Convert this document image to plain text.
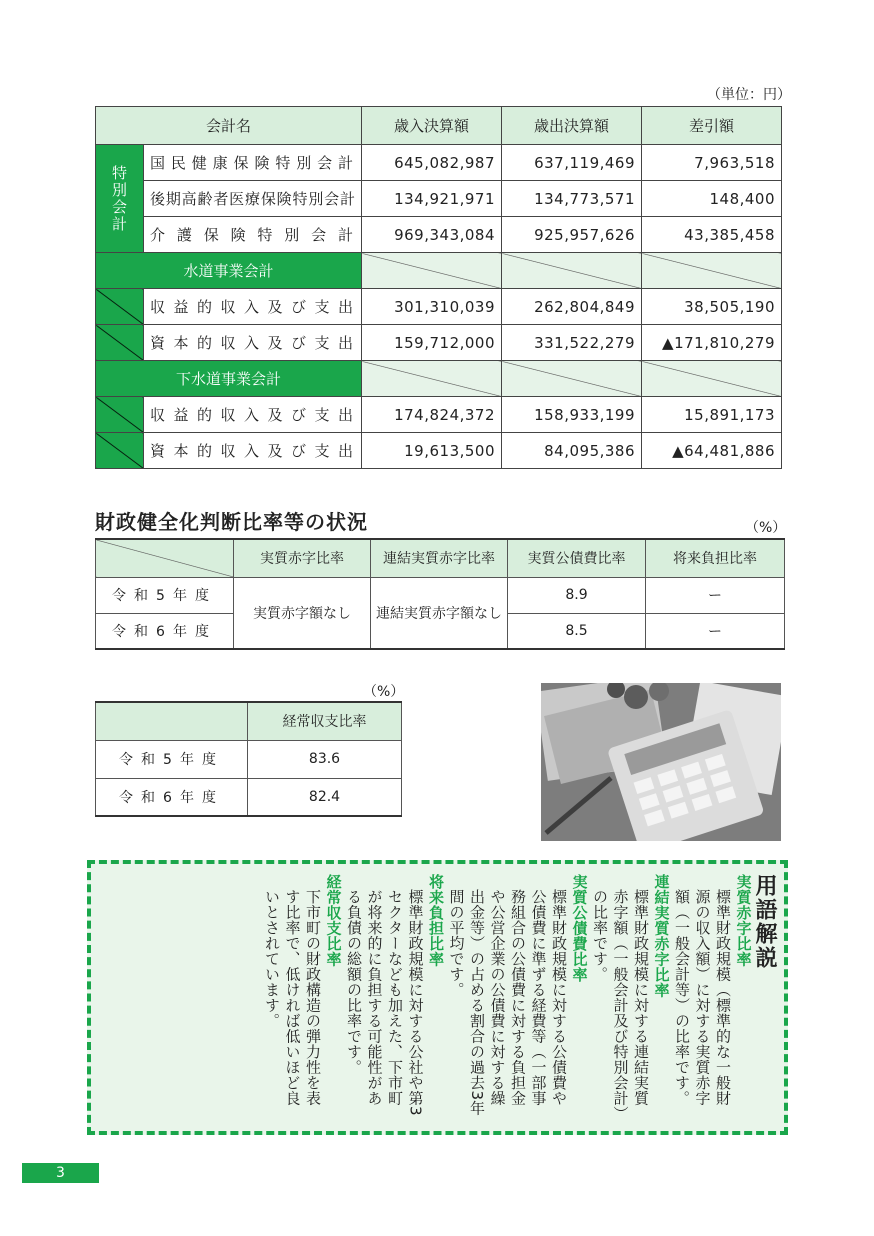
（単位：円）
会計名		歳入決算額	歳出決算額	差引額
特別会計	国民健康保険特別会計	645,082,987	637,119,469	7,963,518
	後期高齢者医療保険特別会計	134,921,971	134,773,571	148,400
	介護保険特別会計	969,343,084	925,957,626	43,385,458
水道事業会計				
	収益的収入及び支出	301,310,039	262,804,849	38,505,190
	資本的収入及び支出	159,712,000	331,522,279	▲171,810,279
下水道事業会計				
	収益的収入及び支出	174,824,372	158,933,199	15,891,173
	資本的収入及び支出	19,613,500	84,095,386	▲64,481,886
財政健全化判断比率等の状況	（%）
	実質赤字比率	連結実質赤字比率	実質公債費比率	将来負担比率
令和5年度	実質赤字額なし	連結実質赤字額なし	8.9	ー
令和6年度			8.5	ー
（%）
	経常収支比率
令和5年度	83.6
令和6年度	82.4

用語解説

実質赤字比率

標準財政規模（標準的な一般財源の収入額）に対する実質赤字額（一般会計等）の比率です。

連結実質赤字比率

標準財政規模に対する連結実質赤字額（一般会計及び特別会計）の比率です。

実質公債費比率

標準財政規模に対する公債費や公債費に準ずる経費等（一部事務組合の公債費に対する負担金や公営企業の公債費に対する繰出金等）の占める割合の過去3年間の平均です。

将来負担比率

標準財政規模に対する公社や第3セクターなども加えた、下市町が将来的に負担する可能性がある負債の総額の比率です。

経常収支比率

下市町の財政構造の弾力性を表す比率で、低ければ低いほど良いとされています。

3
